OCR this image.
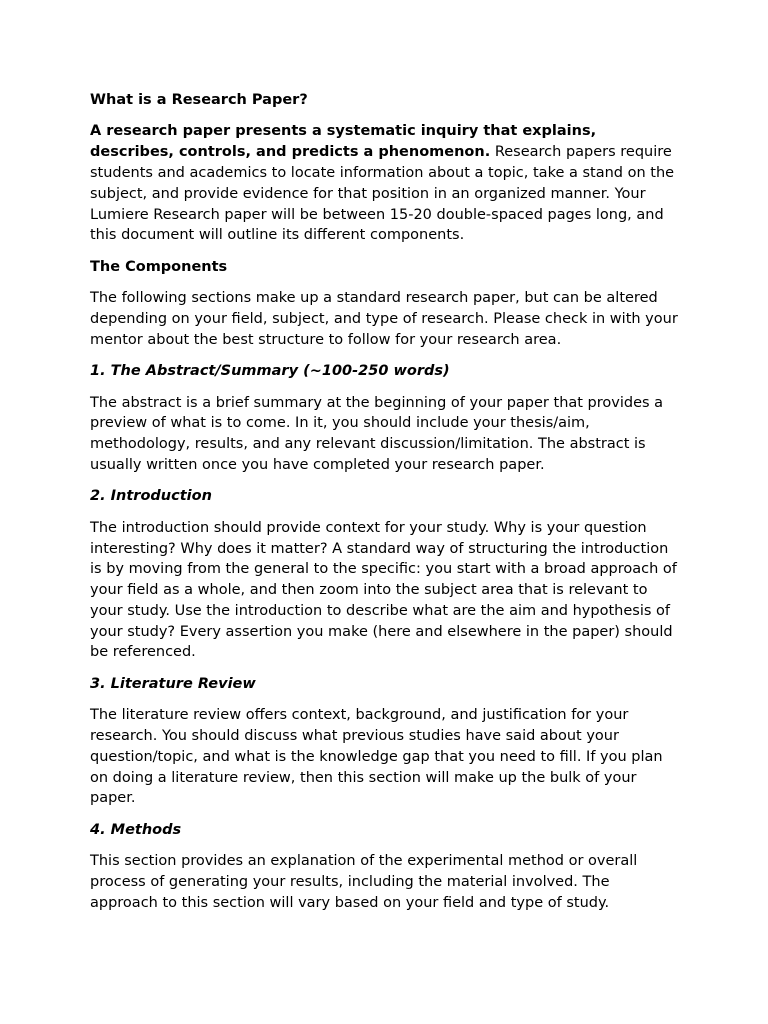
What is a Research Paper?

A research paper presents a systematic inquiry that explains, describes, controls, and predicts a phenomenon. Research papers require students and academics to locate information about a topic, take a stand on the subject, and provide evidence for that position in an organized manner. Your Lumiere Research paper will be between 15-20 double-spaced pages long, and this document will outline its different components.

The Components

The following sections make up a standard research paper, but can be altered depending on your field, subject, and type of research. Please check in with your mentor about the best structure to follow for your research area.

1. The Abstract/Summary (~100-250 words)

The abstract is a brief summary at the beginning of your paper that provides a preview of what is to come. In it, you should include your thesis/aim, methodology, results, and any relevant discussion/limitation. The abstract is usually written once you have completed your research paper.

2. Introduction

The introduction should provide context for your study. Why is your question interesting? Why does it matter? A standard way of structuring the introduction is by moving from the general to the specific: you start with a broad approach of your field as a whole, and then zoom into the subject area that is relevant to your study. Use the introduction to describe what are the aim and hypothesis of your study? Every assertion you make (here and elsewhere in the paper) should be referenced.

3. Literature Review

The literature review offers context, background, and justification for your research. You should discuss what previous studies have said about your question/topic, and what is the knowledge gap that you need to fill. If you plan on doing a literature review, then this section will make up the bulk of your paper.

4. Methods

This section provides an explanation of the experimental method or overall process of generating your results, including the material involved. The approach to this section will vary based on your field and type of study.
